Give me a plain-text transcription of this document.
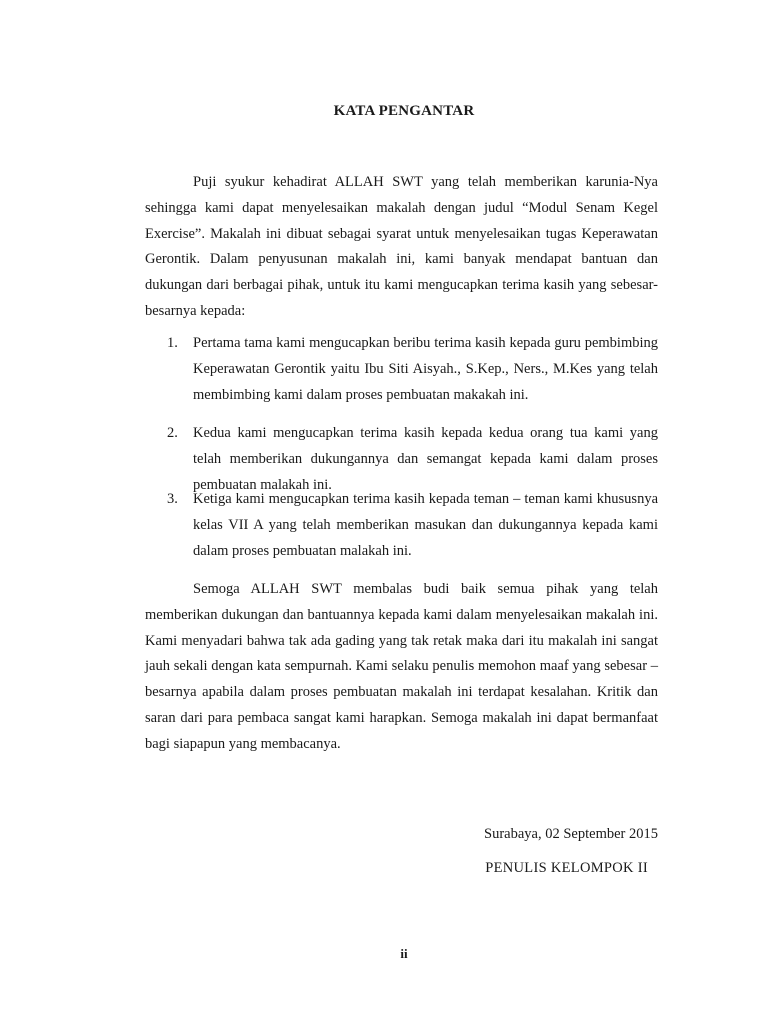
KATA PENGANTAR

Puji syukur kehadirat ALLAH SWT yang telah memberikan karunia-Nya sehingga kami dapat menyelesaikan makalah dengan judul “Modul Senam Kegel Exercise”. Makalah ini dibuat sebagai syarat untuk menyelesaikan tugas Keperawatan Gerontik. Dalam penyusunan makalah ini, kami banyak mendapat bantuan dan dukungan dari berbagai pihak, untuk itu kami mengucapkan terima kasih yang sebesar-besarnya kepada:

1. Pertama tama kami mengucapkan beribu terima kasih kepada guru pembimbing Keperawatan Gerontik yaitu Ibu Siti Aisyah., S.Kep., Ners., M.Kes yang telah membimbing kami dalam proses pembuatan makakah ini.
2. Kedua kami mengucapkan terima kasih kepada kedua orang tua kami yang telah memberikan dukungannya dan semangat kepada kami dalam proses pembuatan malakah ini.
3. Ketiga kami mengucapkan terima kasih kepada teman – teman kami khususnya kelas VII A yang telah memberikan masukan dan dukungannya kepada kami dalam proses pembuatan malakah ini.

Semoga ALLAH SWT membalas budi baik semua pihak yang telah memberikan dukungan dan bantuannya kepada kami dalam menyelesaikan makalah ini. Kami menyadari bahwa tak ada gading yang tak retak maka dari itu makalah ini sangat jauh sekali dengan kata sempurnah. Kami selaku penulis memohon maaf yang sebesar – besarnya apabila dalam proses pembuatan makalah ini terdapat kesalahan. Kritik dan saran dari para pembaca sangat kami harapkan. Semoga makalah ini dapat bermanfaat bagi siapapun yang membacanya.

Surabaya, 02 September 2015
PENULIS KELOMPOK II
ii
